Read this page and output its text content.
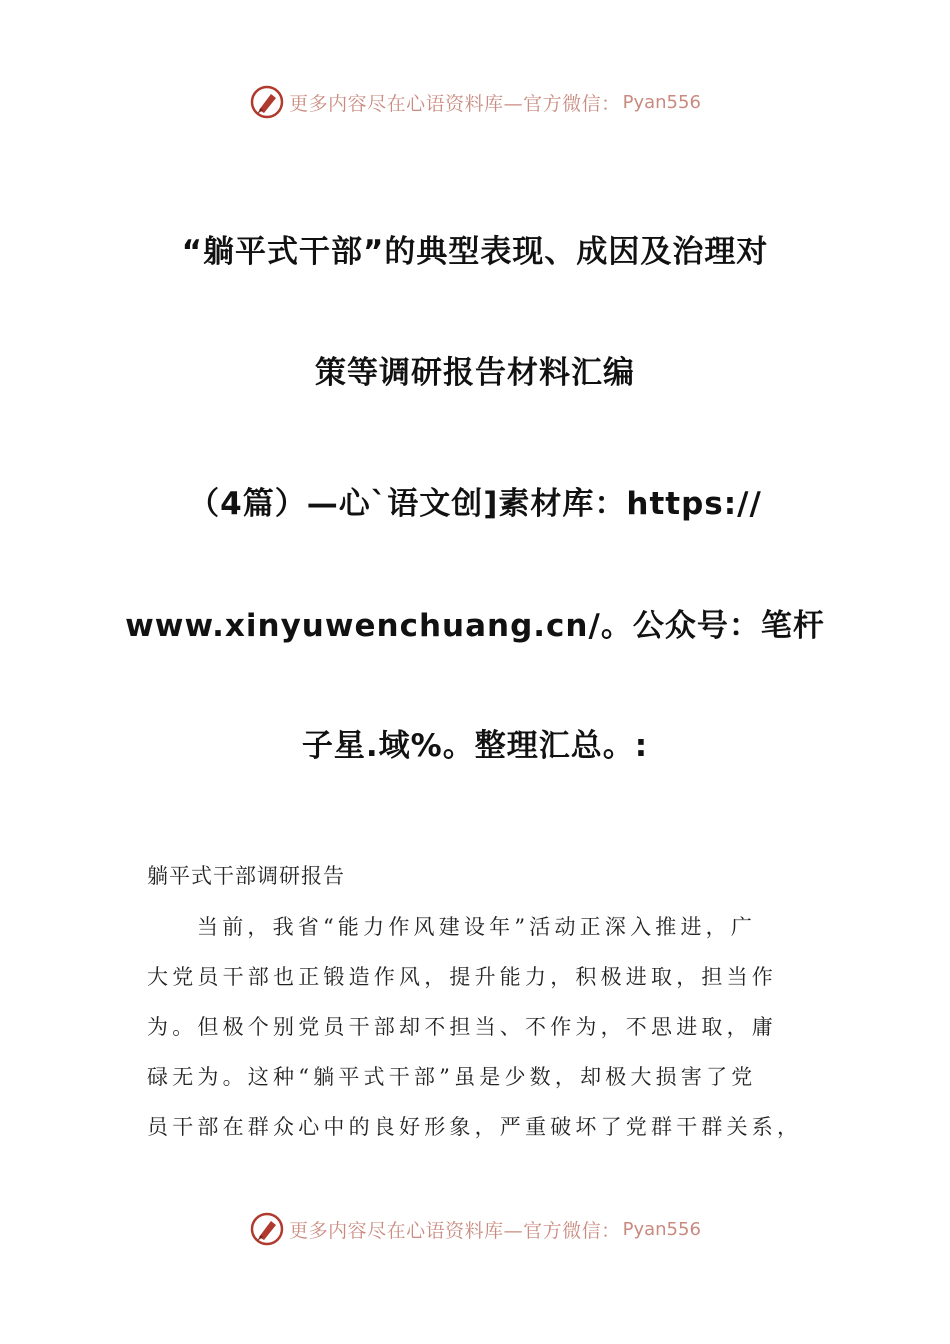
更多内容尽在心语资料库—官方微信： Pyan556
“躺平式干部”的典型表现、成因及治理对
策等调研报告材料汇编
（4篇）—心`语文创]素材库：https://
www.xinyuwenchuang.cn/。公众号：笔杆
子星.域%。整理汇总。:
躺平式干部调研报告
当前，我省“能力作风建设年”活动正深入推进，广
大党员干部也正锻造作风，提升能力，积极进取，担当作
为。但极个别党员干部却不担当、不作为，不思进取，庸
碌无为。这种“躺平式干部”虽是少数，却极大损害了党
员干部在群众心中的良好形象，严重破坏了党群干群关系，
更多内容尽在心语资料库—官方微信： Pyan556
